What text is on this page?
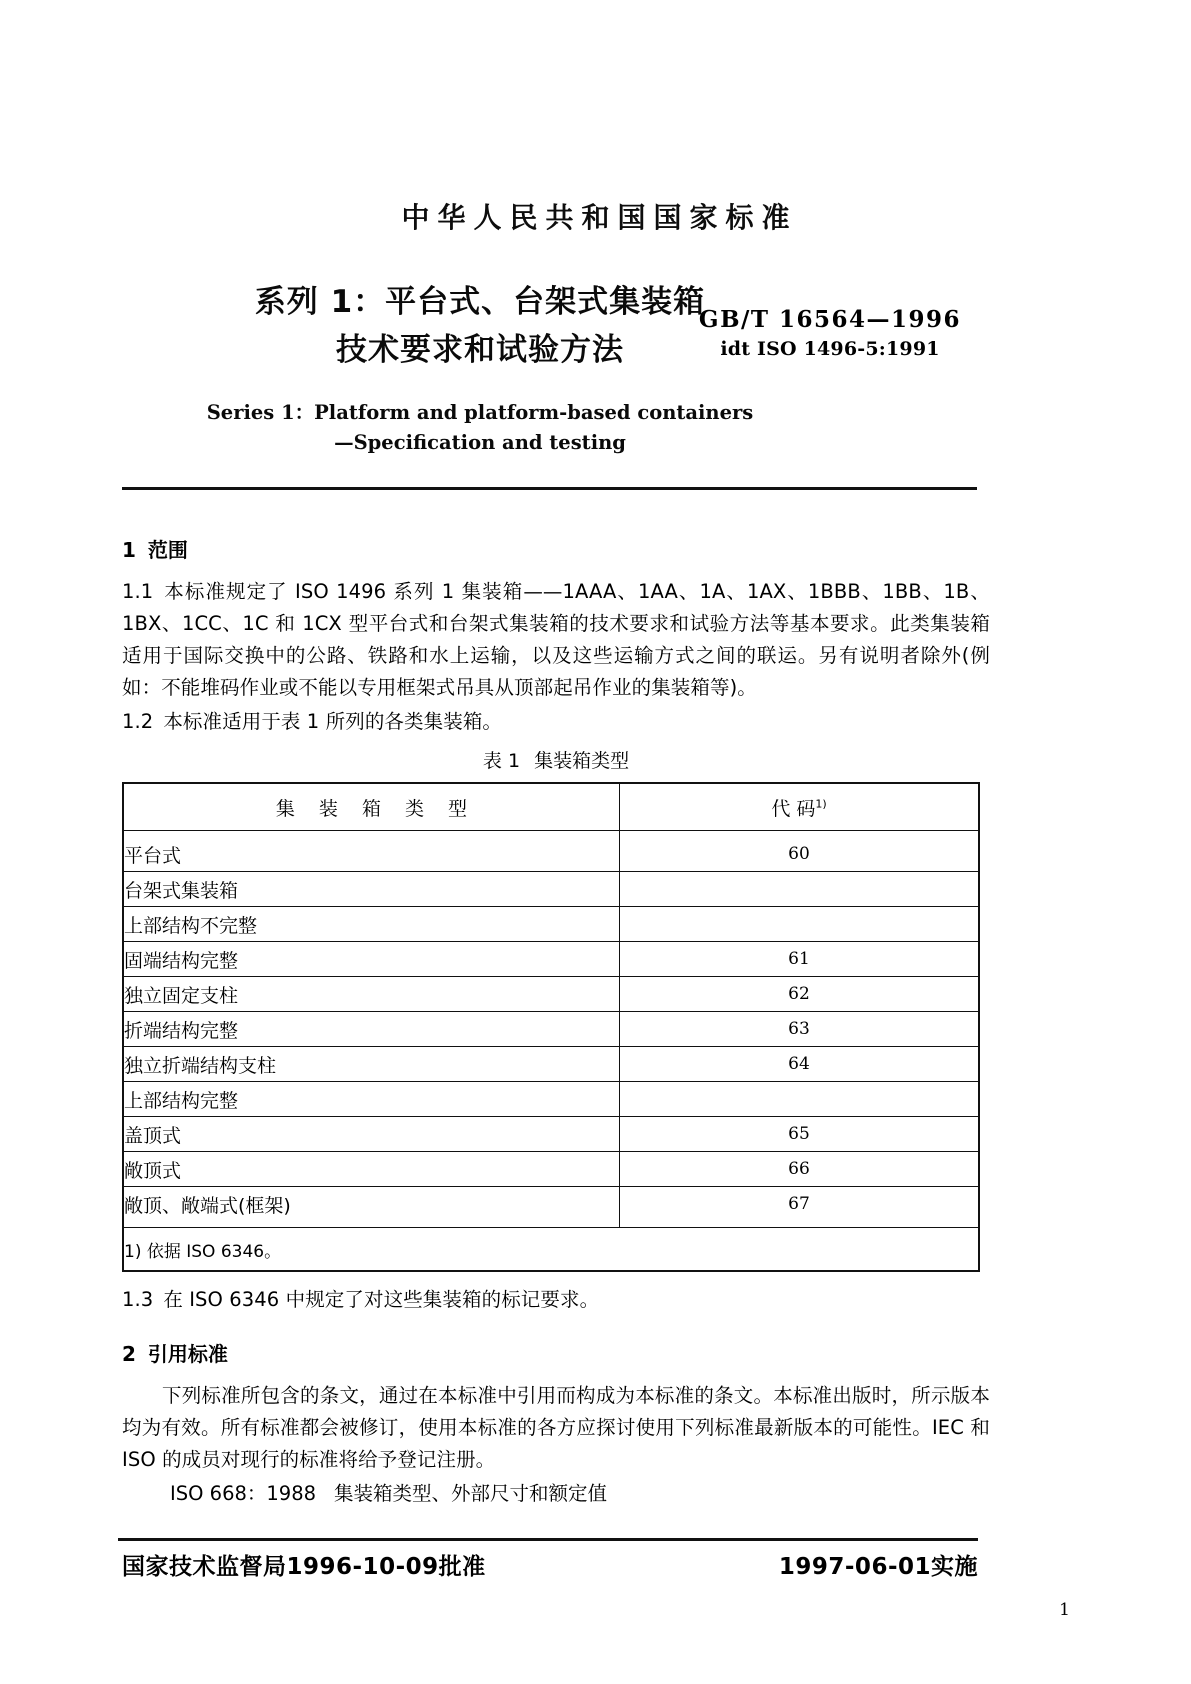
中华人民共和国国家标准
系列 1：平台式、台架式集装箱
技术要求和试验方法
Series 1：Platform and platform-based containers
—Specification and testing
GB/T 16564—1996
idt ISO 1496-5:1991
1 范围

1.1 本标准规定了 ISO 1496 系列 1 集装箱——1AAA、1AA、1A、1AX、1BBB、1BB、1B、1BX、1CC、1C 和 1CX 型平台式和台架式集装箱的技术要求和试验方法等基本要求。此类集装箱适用于国际交换中的公路、铁路和水上运输，以及这些运输方式之间的联运。另有说明者除外(例如：不能堆码作业或不能以专用框架式吊具从顶部起吊作业的集装箱等)。

1.2 本标准适用于表 1 所列的各类集装箱。

表 1 集装箱类型
集 装 箱 类 型	代 码$^{1)}$
平台式	60
台架式集装箱	
上部结构不完整	
固端结构完整	61
独立固定支柱	62
折端结构完整	63
独立折端结构支柱	64
上部结构完整	
盖顶式	65
敞顶式	66
敞顶、敞端式(框架)	67
1) 依据 ISO 6346。	

1.3 在 ISO 6346 中规定了对这些集装箱的标记要求。

2 引用标准

下列标准所包含的条文，通过在本标准中引用而构成为本标准的条文。本标准出版时，所示版本均为有效。所有标准都会被修订，使用本标准的各方应探讨使用下列标准最新版本的可能性。IEC 和 ISO 的成员对现行的标准将给予登记注册。

ISO 668：1988 集装箱类型、外部尺寸和额定值
国家技术监督局1996-10-09批准	1997-06-01实施
1
